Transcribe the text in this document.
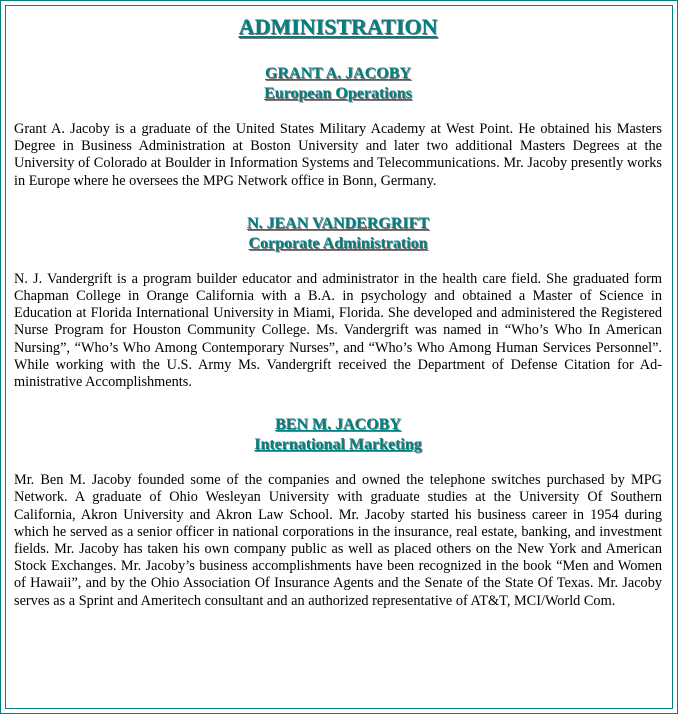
ADMINISTRATION

GRANT A. JACOBY

European Operations

Grant A. Jacoby is a graduate of the United States Military Academy at West Point. He obtained his Masters Degree in Business Administration at Boston University and later two additional Masters Degrees at the University of Colorado at Boulder in Information Systems and Telecommunications. Mr. Jacoby presently works in Europe where he oversees the MPG Network office in Bonn, Germany.

N. JEAN VANDERGRIFT

Corporate Administration

N. J. Vandergrift is a program builder educator and administrator in the health care field. She graduated form Chapman College in Orange California with a B.A. in psychology and obtained a Master of Science in Education at Florida International University in Miami, Florida. She developed and administered the Registered Nurse Program for Houston Community College. Ms. Vandergrift was named in “Who’s Who In American Nursing”, “Who’s Who Among Contemporary Nurses”, and “Who’s Who Among Human Services Personnel”. While working with the U.S. Army Ms. Vandergrift received the Department of Defense Citation for Administrative Accomplishments.

BEN M. JACOBY

International Marketing

Mr. Ben M. Jacoby founded some of the companies and owned the telephone switches purchased by MPG Network. A graduate of Ohio Wesleyan University with graduate studies at the University Of Southern California, Akron University and Akron Law School. Mr. Jacoby started his business career in 1954 during which he served as a senior officer in national corporations in the insurance, real estate, banking, and investment fields. Mr. Jacoby has taken his own company public as well as placed others on the New York and American Stock Exchanges. Mr. Jacoby’s business accomplishments have been recognized in the book “Men and Women of Hawaii”, and by the Ohio Association Of Insurance Agents and the Senate of the State Of Texas. Mr. Jacoby serves as a Sprint and Ameritech consultant and an authorized representative of AT&T, MCI/World Com.
